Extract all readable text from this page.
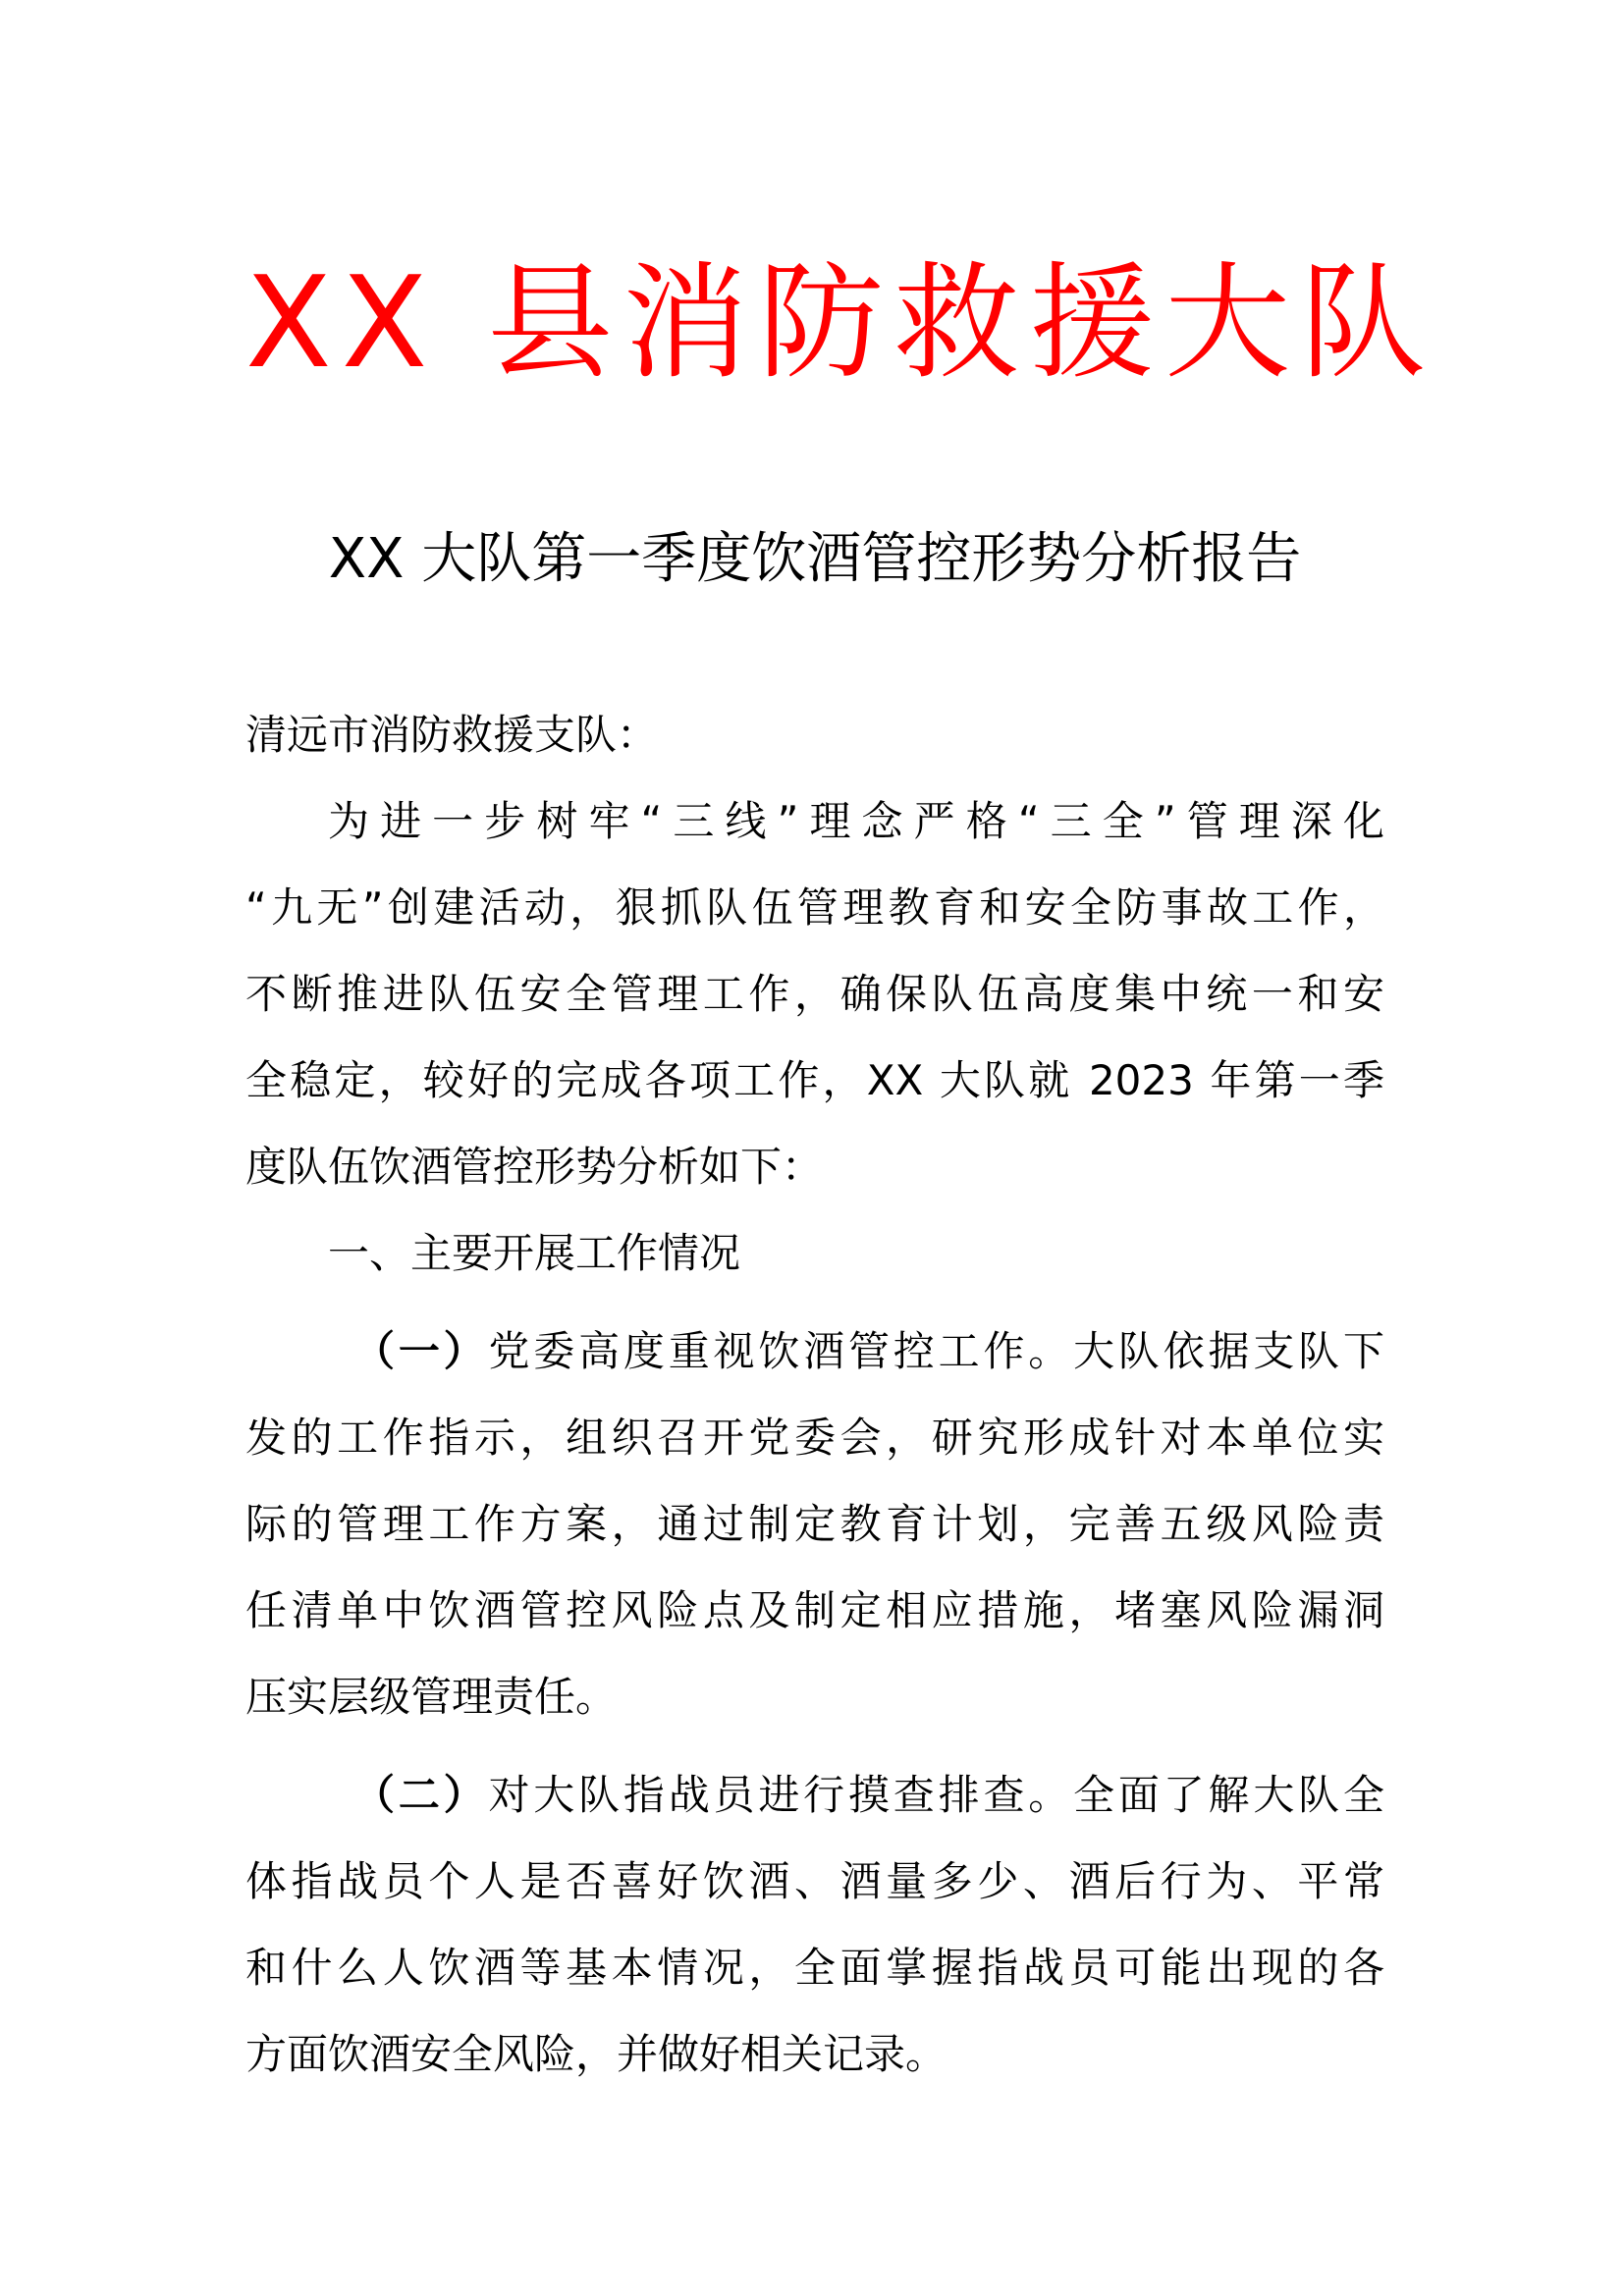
XX 县消防救援大队
XX 大队第一季度饮酒管控形势分析报告
清远市消防救援支队：
为进一步树牢“三线”理念严格“三全”管理深化
“九无”创建活动，狠抓队伍管理教育和安全防事故工作，
不断推进队伍安全管理工作，确保队伍高度集中统一和安
全稳定，较好的完成各项工作，XX 大队就 2023 年第一季
度队伍饮酒管控形势分析如下：
一、主要开展工作情况
（一）党委高度重视饮酒管控工作。大队依据支队下
发的工作指示，组织召开党委会，研究形成针对本单位实
际的管理工作方案，通过制定教育计划，完善五级风险责
任清单中饮酒管控风险点及制定相应措施，堵塞风险漏洞
压实层级管理责任。
（二）对大队指战员进行摸查排查。全面了解大队全
体指战员个人是否喜好饮酒、酒量多少、酒后行为、平常
和什么人饮酒等基本情况，全面掌握指战员可能出现的各
方面饮酒安全风险，并做好相关记录。
